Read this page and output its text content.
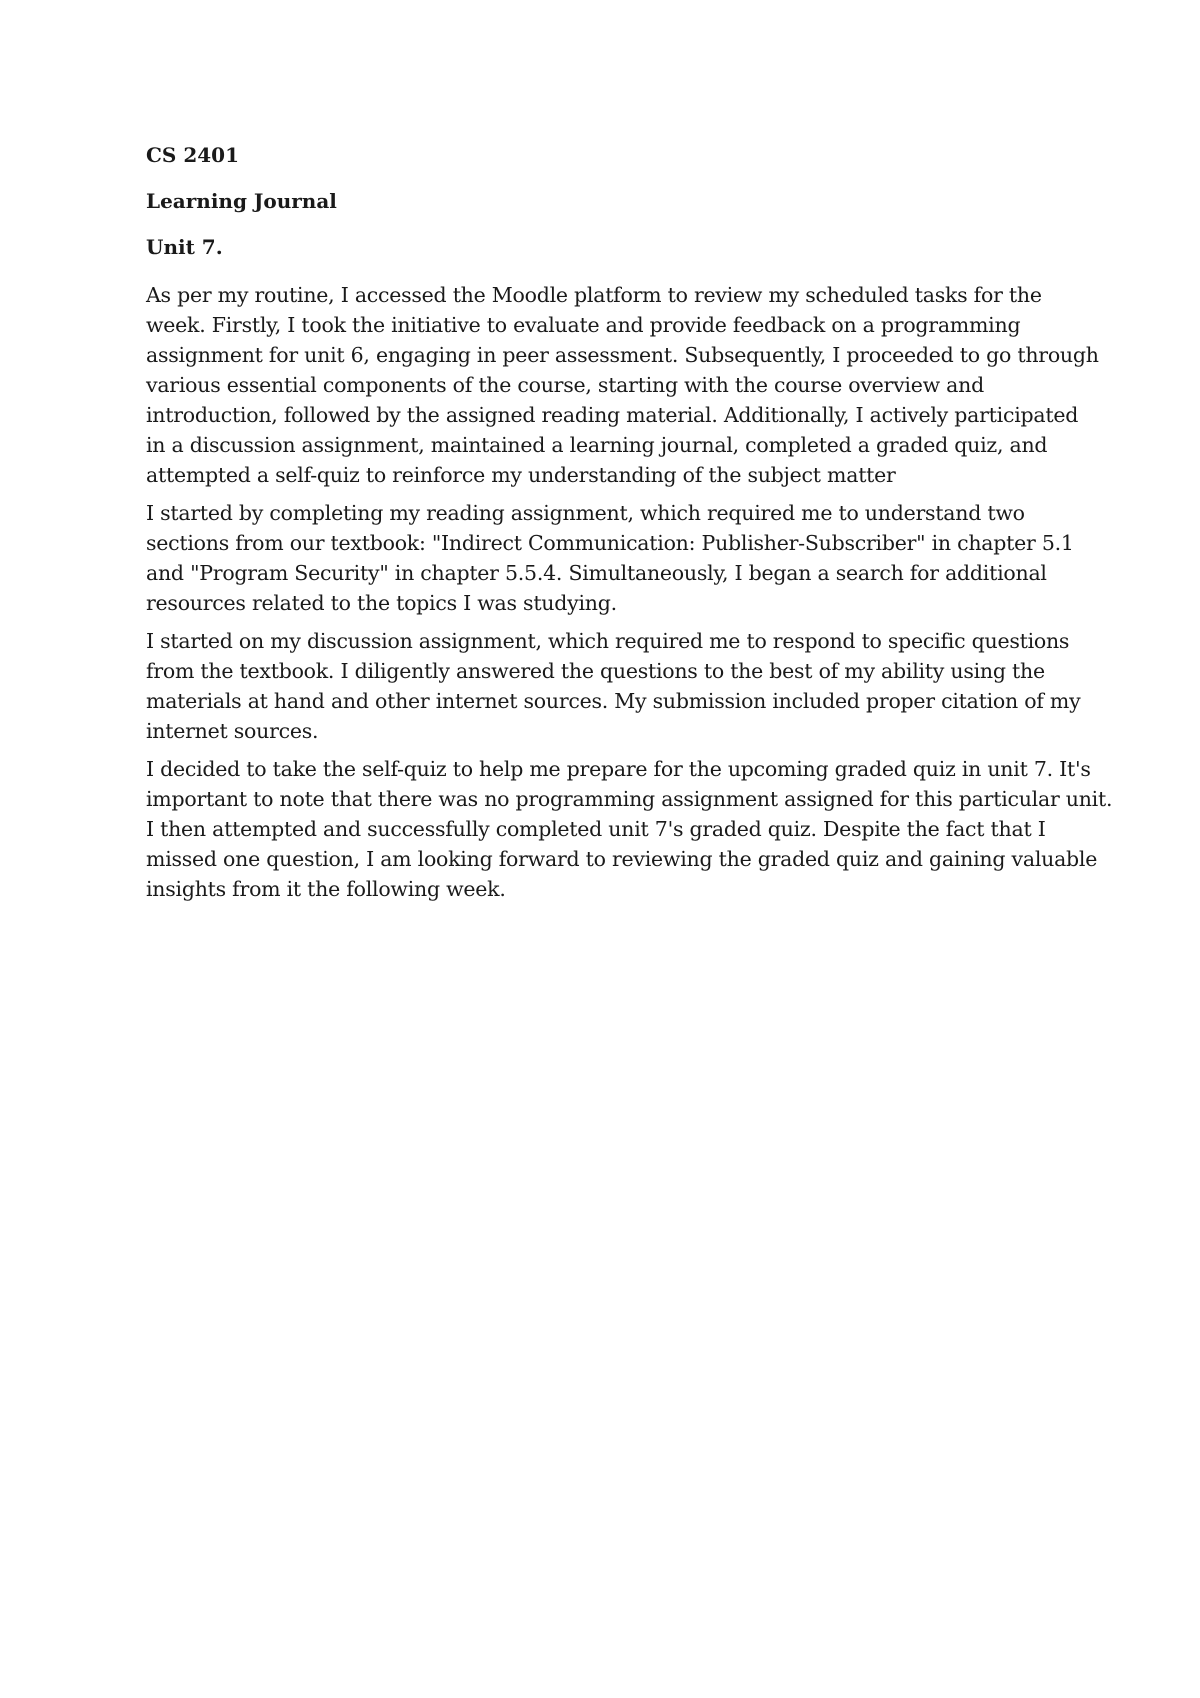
CS 2401

Learning Journal

Unit 7.

As per my routine, I accessed the Moodle platform to review my scheduled tasks for the
week. Firstly, I took the initiative to evaluate and provide feedback on a programming
assignment for unit 6, engaging in peer assessment. Subsequently, I proceeded to go through
various essential components of the course, starting with the course overview and
introduction, followed by the assigned reading material. Additionally, I actively participated
in a discussion assignment, maintained a learning journal, completed a graded quiz, and
attempted a self-quiz to reinforce my understanding of the subject matter

I started by completing my reading assignment, which required me to understand two
sections from our textbook: "Indirect Communication: Publisher-Subscriber" in chapter 5.1
and "Program Security" in chapter 5.5.4. Simultaneously, I began a search for additional
resources related to the topics I was studying.

I started on my discussion assignment, which required me to respond to specific questions
from the textbook. I diligently answered the questions to the best of my ability using the
materials at hand and other internet sources. My submission included proper citation of my
internet sources.

I decided to take the self-quiz to help me prepare for the upcoming graded quiz in unit 7. It's
important to note that there was no programming assignment assigned for this particular unit.
I then attempted and successfully completed unit 7's graded quiz. Despite the fact that I
missed one question, I am looking forward to reviewing the graded quiz and gaining valuable
insights from it the following week.
